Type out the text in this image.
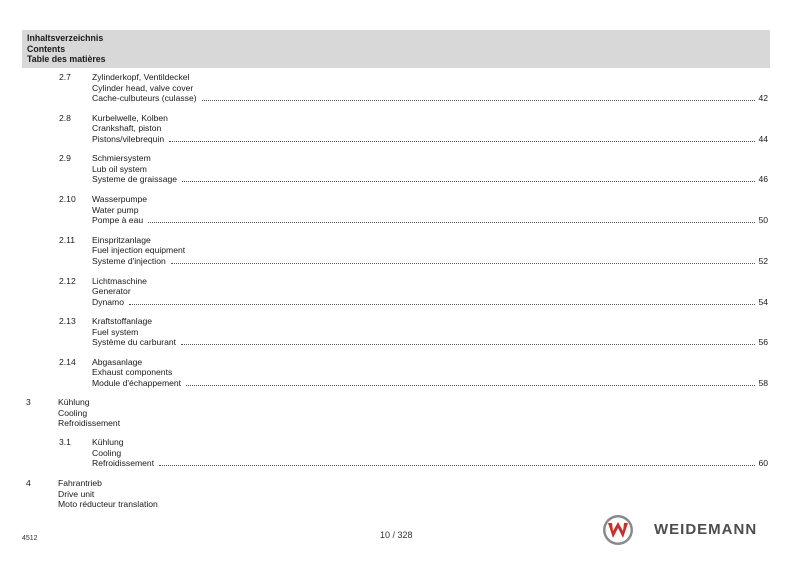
Inhaltsverzeichnis
Contents
Table des matières
2.7 Zylinderkopf, Ventildeckel
Cylinder head, valve cover
Cache-culbuteurs (culasse)	42
2.8 Kurbelwelle, Kolben
Crankshaft, piston
Pistons/vilebrequin	44
2.9 Schmiersystem
Lub oil system
Systeme de graissage	46
2.10 Wasserpumpe
Water pump
Pompe à eau	50
2.11 Einspritzanlage
Fuel injection equipment
Systeme d'injection	52
2.12 Lichtmaschine
Generator
Dynamo	54
2.13 Kraftstoffanlage
Fuel system
Système du carburant	56
2.14 Abgasanlage
Exhaust components
Module d'échappement	58
3	Kühlung
Cooling
Refroidissement
3.1 Kühlung
Cooling
Refroidissement	60
4	Fahrantrieb
Drive unit
Moto réducteur translation
4512	10 / 328	WEIDEMANN
